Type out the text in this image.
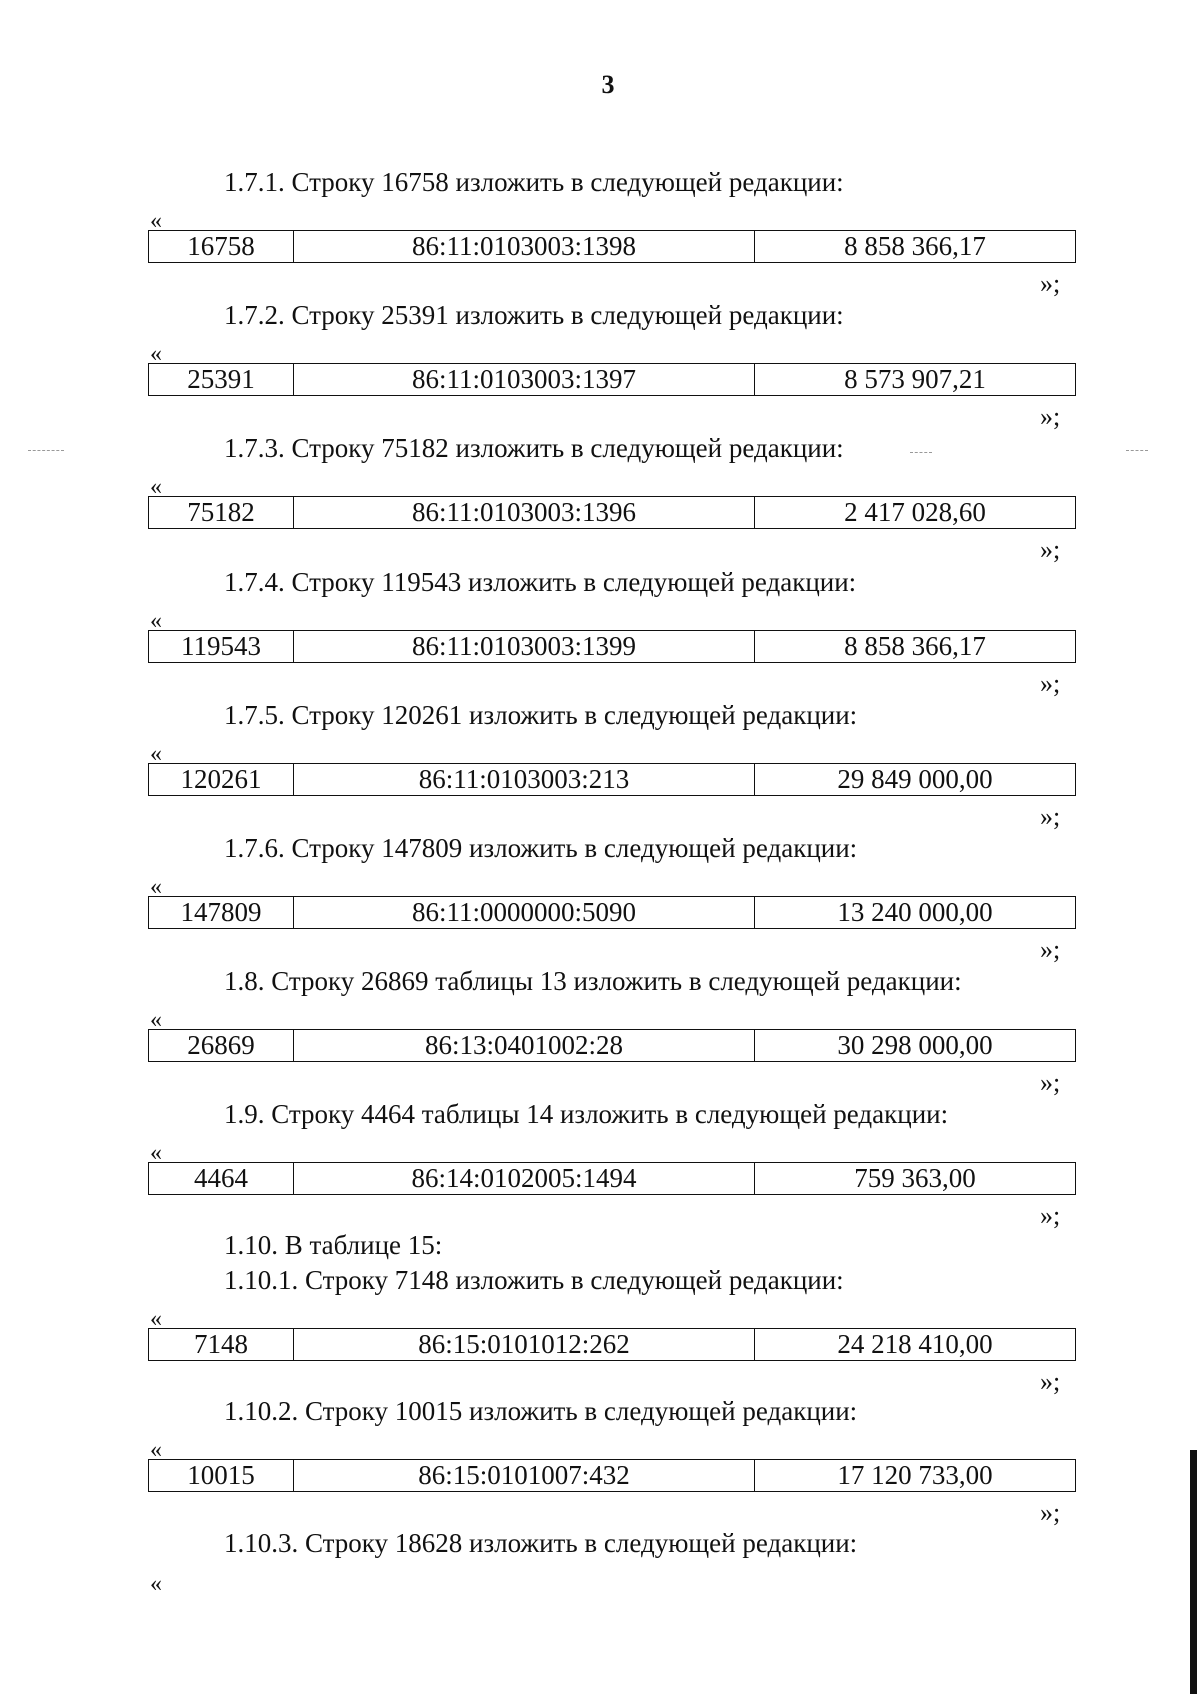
3
1.7.1. Строку 16758 изложить в следующей редакции:
«
16758	86:11:0103003:1398	8 858 366,17
»;
1.7.2. Строку 25391 изложить в следующей редакции:
«
25391	86:11:0103003:1397	8 573 907,21
»;
1.7.3. Строку 75182 изложить в следующей редакции:
«
75182	86:11:0103003:1396	2 417 028,60
»;
1.7.4. Строку 119543 изложить в следующей редакции:
«
119543	86:11:0103003:1399	8 858 366,17
»;
1.7.5. Строку 120261 изложить в следующей редакции:
«
120261	86:11:0103003:213	29 849 000,00
»;
1.7.6. Строку 147809 изложить в следующей редакции:
«
147809	86:11:0000000:5090	13 240 000,00
»;
1.8. Строку 26869 таблицы 13 изложить в следующей редакции:
«
26869	86:13:0401002:28	30 298 000,00
»;
1.9. Строку 4464 таблицы 14 изложить в следующей редакции:
«
4464	86:14:0102005:1494	759 363,00
»;
1.10. В таблице 15:
1.10.1. Строку 7148 изложить в следующей редакции:
«
7148	86:15:0101012:262	24 218 410,00
»;
1.10.2. Строку 10015 изложить в следующей редакции:
«
10015	86:15:0101007:432	17 120 733,00
»;
1.10.3. Строку 18628 изложить в следующей редакции:
«
